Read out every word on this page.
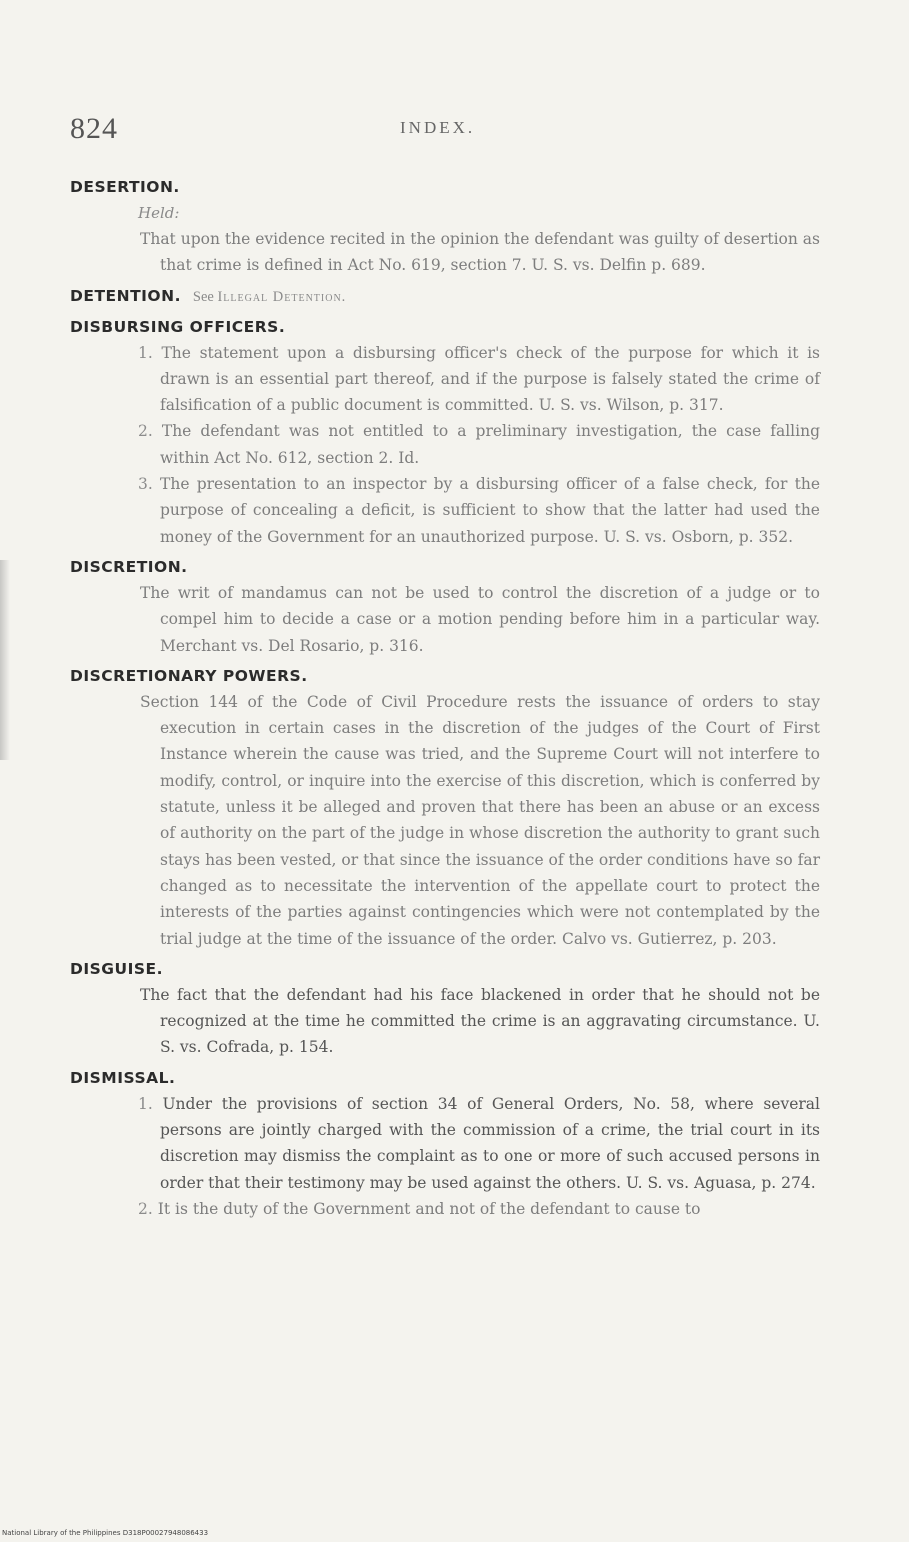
824	INDEX.
DESERTION.
Held:
That upon the evidence recited in the opinion the defendant was guilty of desertion as that crime is defined in Act No. 619, section 7. U. S. vs. Delfin p. 689.
DETENTION. See Illegal Detention.
DISBURSING OFFICERS.
1. The statement upon a disbursing officer's check of the purpose for which it is drawn is an essential part thereof, and if the purpose is falsely stated the crime of falsification of a public document is committed. U. S. vs. Wilson, p. 317.
2. The defendant was not entitled to a preliminary investigation, the case falling within Act No. 612, section 2. Id.
3. The presentation to an inspector by a disbursing officer of a false check, for the purpose of concealing a deficit, is sufficient to show that the latter had used the money of the Government for an unauthorized purpose. U. S. vs. Osborn, p. 352.
DISCRETION.
The writ of mandamus can not be used to control the discretion of a judge or to compel him to decide a case or a motion pending before him in a particular way. Merchant vs. Del Rosario, p. 316.
DISCRETIONARY POWERS.
Section 144 of the Code of Civil Procedure rests the issuance of orders to stay execution in certain cases in the discretion of the judges of the Court of First Instance wherein the cause was tried, and the Supreme Court will not interfere to modify, control, or inquire into the exercise of this discretion, which is conferred by statute, unless it be alleged and proven that there has been an abuse or an excess of authority on the part of the judge in whose discretion the authority to grant such stays has been vested, or that since the issuance of the order conditions have so far changed as to necessitate the intervention of the appellate court to protect the interests of the parties against contingencies which were not contemplated by the trial judge at the time of the issuance of the order. Calvo vs. Gutierrez, p. 203.
DISGUISE.
The fact that the defendant had his face blackened in order that he should not be recognized at the time he committed the crime is an aggravating circumstance. U. S. vs. Cofrada, p. 154.
DISMISSAL.
1. Under the provisions of section 34 of General Orders, No. 58, where several persons are jointly charged with the commission of a crime, the trial court in its discretion may dismiss the complaint as to one or more of such accused persons in order that their testimony may be used against the others. U. S. vs. Aguasa, p. 274.
2. It is the duty of the Government and not of the defendant to cause to
National Library of the Philippines D318P00027948086433
